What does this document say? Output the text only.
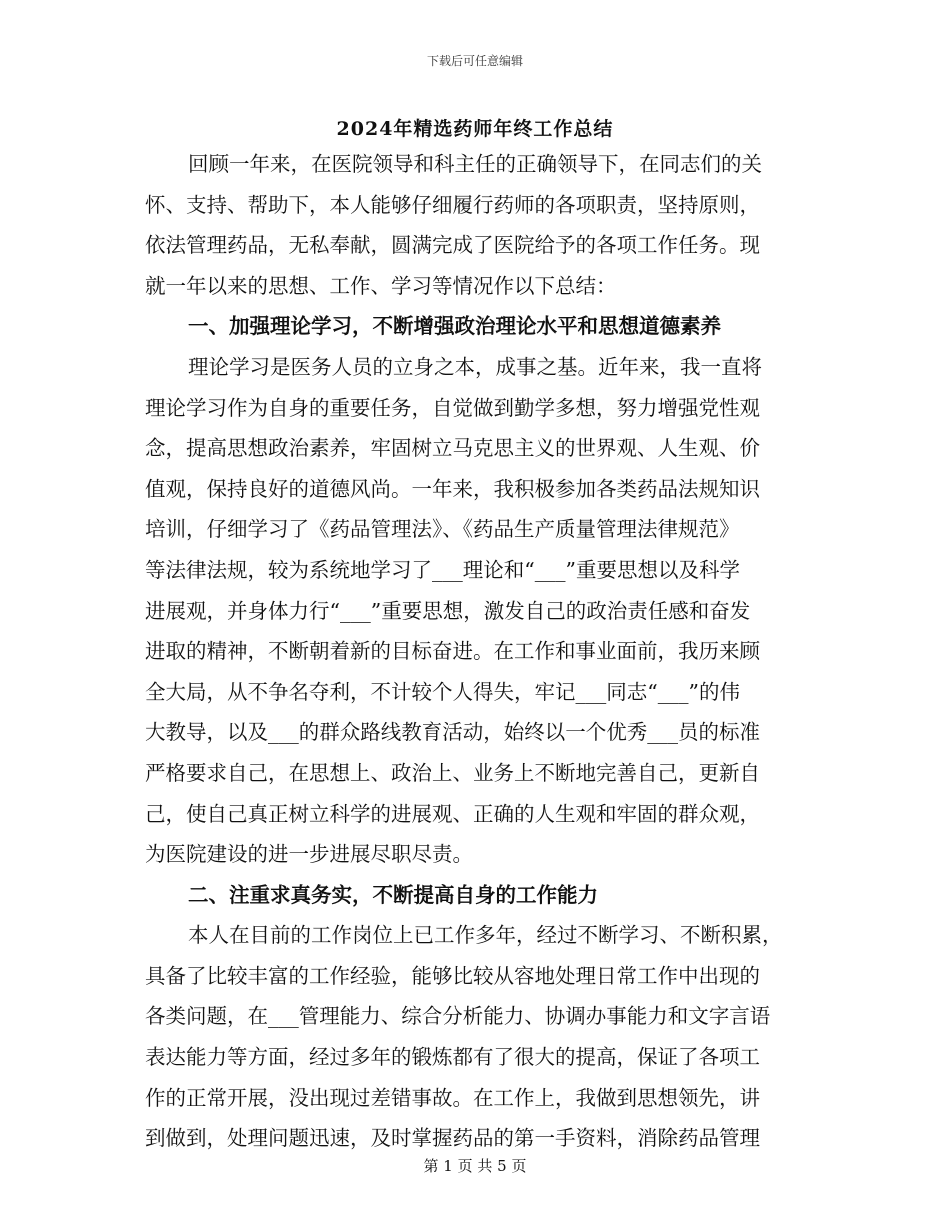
下载后可任意编辑
2024年精选药师年终工作总结
回顾一年来，在医院领导和科主任的正确领导下，在同志们的关
怀、支持、帮助下，本人能够仔细履行药师的各项职责，坚持原则，
依法管理药品，无私奉献，圆满完成了医院给予的各项工作任务。现
就一年以来的思想、工作、学习等情况作以下总结：
一、加强理论学习，不断增强政治理论水平和思想道德素养
理论学习是医务人员的立身之本，成事之基。近年来，我一直将
理论学习作为自身的重要任务，自觉做到勤学多想，努力增强党性观
念，提高思想政治素养，牢固树立马克思主义的世界观、人生观、价
值观，保持良好的道德风尚。一年来，我积极参加各类药品法规知识
培训，仔细学习了《药品管理法》、《药品生产质量管理法律规范》
等法律法规，较为系统地学习了___理论和“___”重要思想以及科学
进展观，并身体力行“___”重要思想，激发自己的政治责任感和奋发
进取的精神，不断朝着新的目标奋进。在工作和事业面前，我历来顾
全大局，从不争名夺利，不计较个人得失，牢记___同志“___”的伟
大教导，以及___的群众路线教育活动，始终以一个优秀___员的标准
严格要求自己，在思想上、政治上、业务上不断地完善自己，更新自
己，使自己真正树立科学的进展观、正确的人生观和牢固的群众观，
为医院建设的进一步进展尽职尽责。
二、注重求真务实，不断提高自身的工作能力
本人在目前的工作岗位上已工作多年，经过不断学习、不断积累，
具备了比较丰富的工作经验，能够比较从容地处理日常工作中出现的
各类问题，在___管理能力、综合分析能力、协调办事能力和文字言语
表达能力等方面，经过多年的锻炼都有了很大的提高，保证了各项工
作的正常开展，没出现过差错事故。在工作上，我做到思想领先，讲
到做到，处理问题迅速，及时掌握药品的第一手资料，消除药品管理
第 1 页 共 5 页
